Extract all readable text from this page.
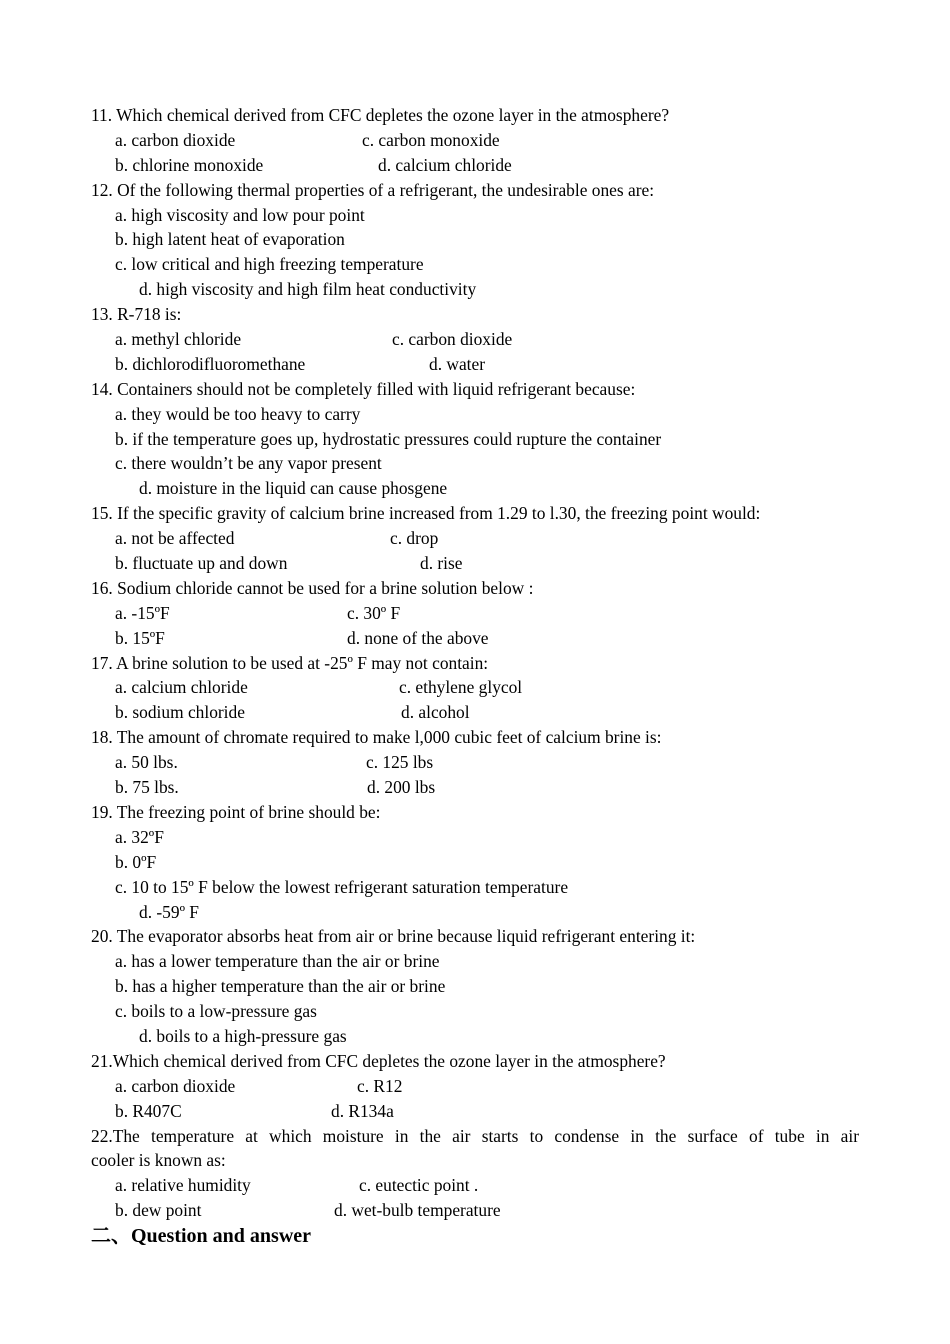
11. Which chemical derived from CFC depletes the ozone layer in the atmosphere?
a. carbon dioxide	c. carbon monoxide
b. chlorine monoxide	d. calcium chloride
12. Of the following thermal properties of a refrigerant, the undesirable ones are:
a. high viscosity and low pour point
b. high latent heat of evaporation
c. low critical and high freezing temperature
d. high viscosity and high film heat conductivity
13. R-718 is:
a. methyl chloride	c. carbon dioxide
b. dichlorodifluoromethane	d. water
14. Containers should not be completely filled with liquid refrigerant because:
a. they would be too heavy to carry
b. if the temperature goes up, hydrostatic pressures could rupture the container
c. there wouldn’t be any vapor present
d. moisture in the liquid can cause phosgene
15. If the specific gravity of calcium brine increased from 1.29 to l.30, the freezing point would:
a. not be affected	c. drop
b. fluctuate up and down	d. rise
16. Sodium chloride cannot be used for a brine solution below :
a. -15ºF	c. 30º F
b. 15ºF	d. none of the above
17. A brine solution to be used at -25º F may not contain:
a. calcium chloride	c. ethylene glycol
b. sodium chloride	d. alcohol
18. The amount of chromate required to make l,000 cubic feet of calcium brine is:
a. 50 lbs.	c. 125 lbs
b. 75 lbs.	d. 200 lbs
19. The freezing point of brine should be:
a. 32ºF
b. 0ºF
c. 10 to 15º F below the lowest refrigerant saturation temperature
d. -59º F
20. The evaporator absorbs heat from air or brine because liquid refrigerant entering it:
a. has a lower temperature than the air or brine
b. has a higher temperature than the air or brine
c. boils to a low-pressure gas
d. boils to a high-pressure gas
21.Which chemical derived from CFC depletes the ozone layer in the atmosphere?
a. carbon dioxide	c. R12
b. R407C	d. R134a
22.The temperature at which moisture in the air starts to condense in the surface of tube in air
cooler is known as:
a. relative humidity	c. eutectic point .
b. dew point	d. wet-bulb temperature
二、Question and answer
